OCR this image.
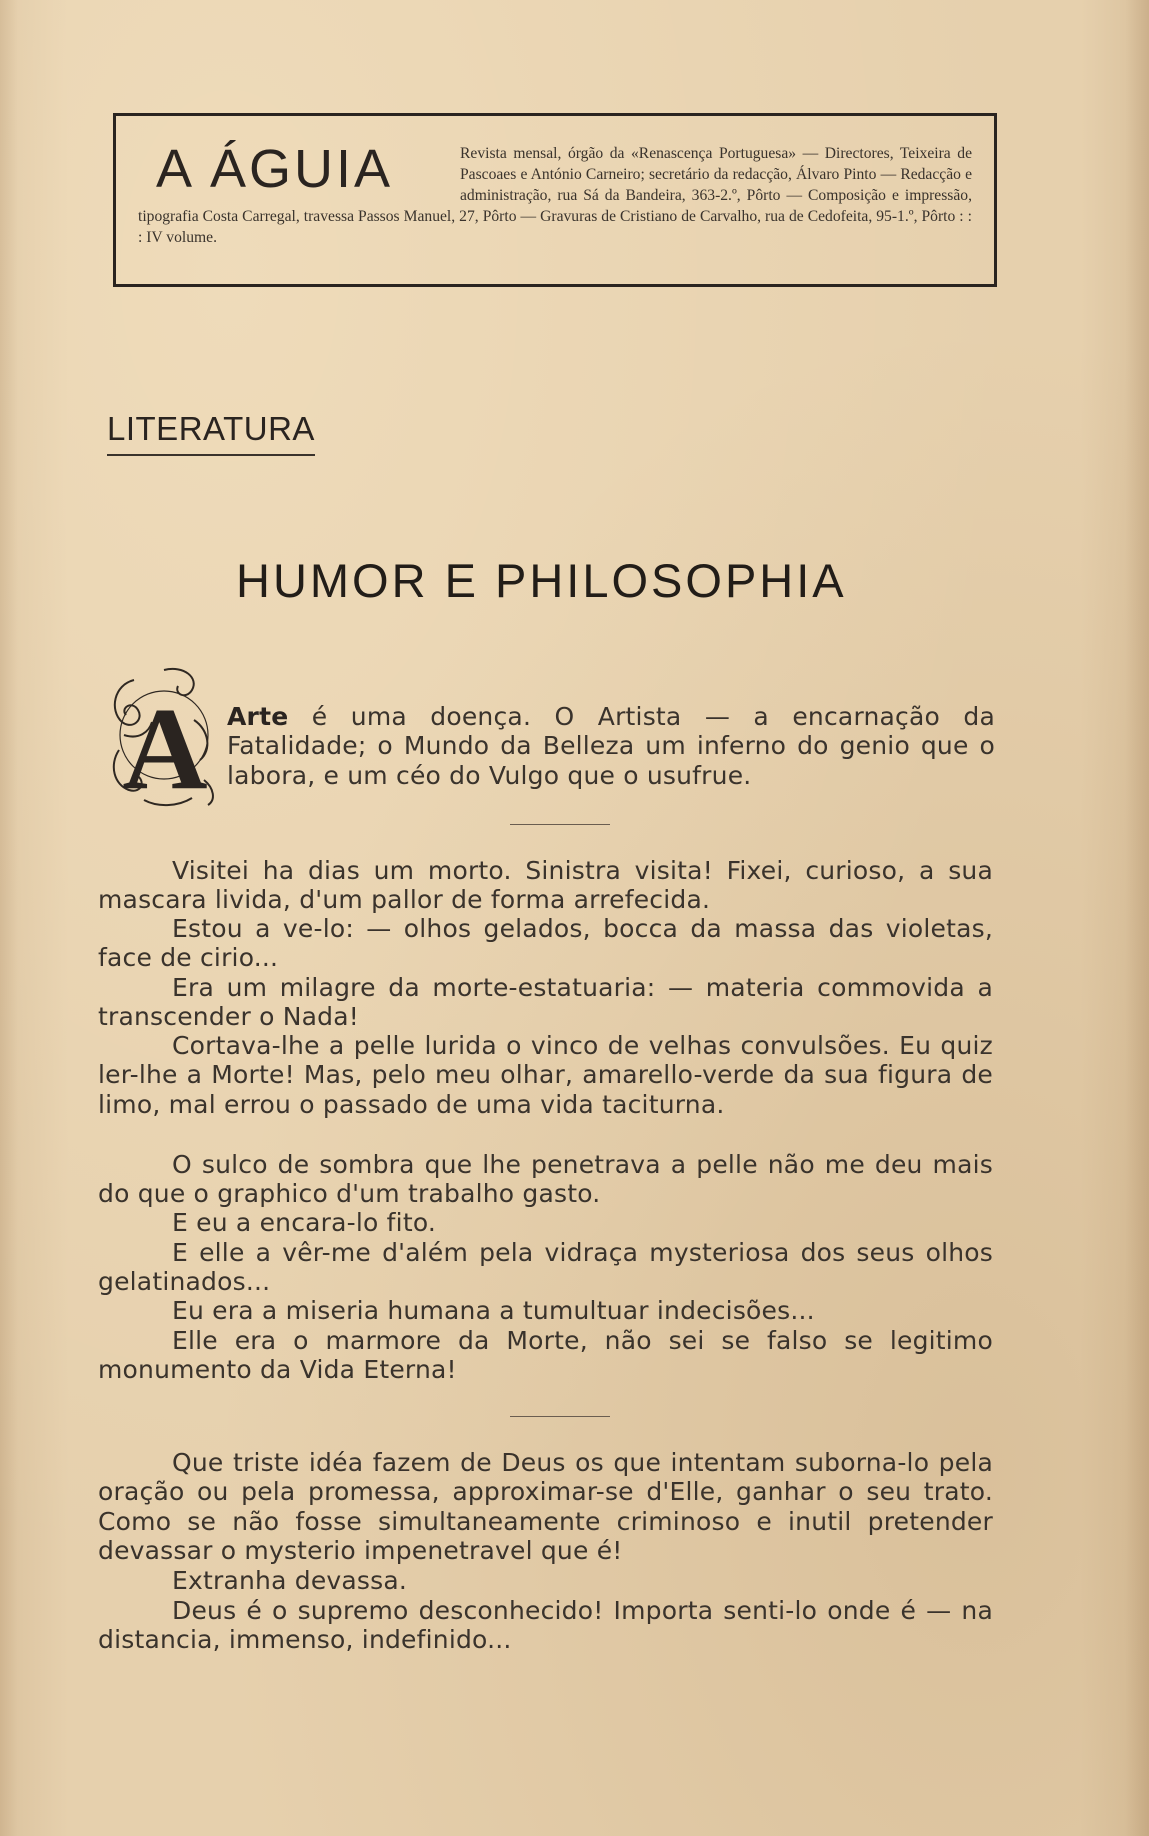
A ÁGUIA	Revista mensal, órgão da «Renascença Portuguesa» — Directores, Teixeira de Pascoaes e António Carneiro; secretário da redacção, Álvaro Pinto — Redacção e administração, rua Sá da Bandeira, 363-2.º, Pôrto — Composição e impressão, tipografia Costa Carregal, travessa Passos Manuel, 27, Pôrto — Gravuras de Cristiano de Carvalho, rua de Cedofeita, 95-1.º, Pôrto : : : IV volume.
LITERATURA
HUMOR E PHILOSOPHIA
A Arte é uma doença. O Artista — a encarnação da Fatalidade; o Mundo da Belleza um inferno do genio que o labora, e um céo do Vulgo que o usufrue.

Visitei ha dias um morto. Sinistra visita! Fixei, curioso, a sua mascara livida, d'um pallor de forma arrefecida.

Estou a ve-lo: — olhos gelados, bocca da massa das violetas, face de cirio...

Era um milagre da morte-estatuaria: — materia commovida a transcender o Nada!

Cortava-lhe a pelle lurida o vinco de velhas convulsões. Eu quiz ler-lhe a Morte! Mas, pelo meu olhar, amarello-verde da sua figura de limo, mal errou o passado de uma vida taciturna.

O sulco de sombra que lhe penetrava a pelle não me deu mais do que o graphico d'um trabalho gasto.

E eu a encara-lo fito.

E elle a vêr-me d'além pela vidraça mysteriosa dos seus olhos gelatinados...

Eu era a miseria humana a tumultuar indecisões...

Elle era o marmore da Morte, não sei se falso se legitimo monumento da Vida Eterna!

Que triste idéa fazem de Deus os que intentam suborna-lo pela oração ou pela promessa, approximar-se d'Elle, ganhar o seu trato. Como se não fosse simultaneamente criminoso e inutil pretender devassar o mysterio impenetravel que é!

Extranha devassa.

Deus é o supremo desconhecido! Importa senti-lo onde é — na distancia, immenso, indefinido...
